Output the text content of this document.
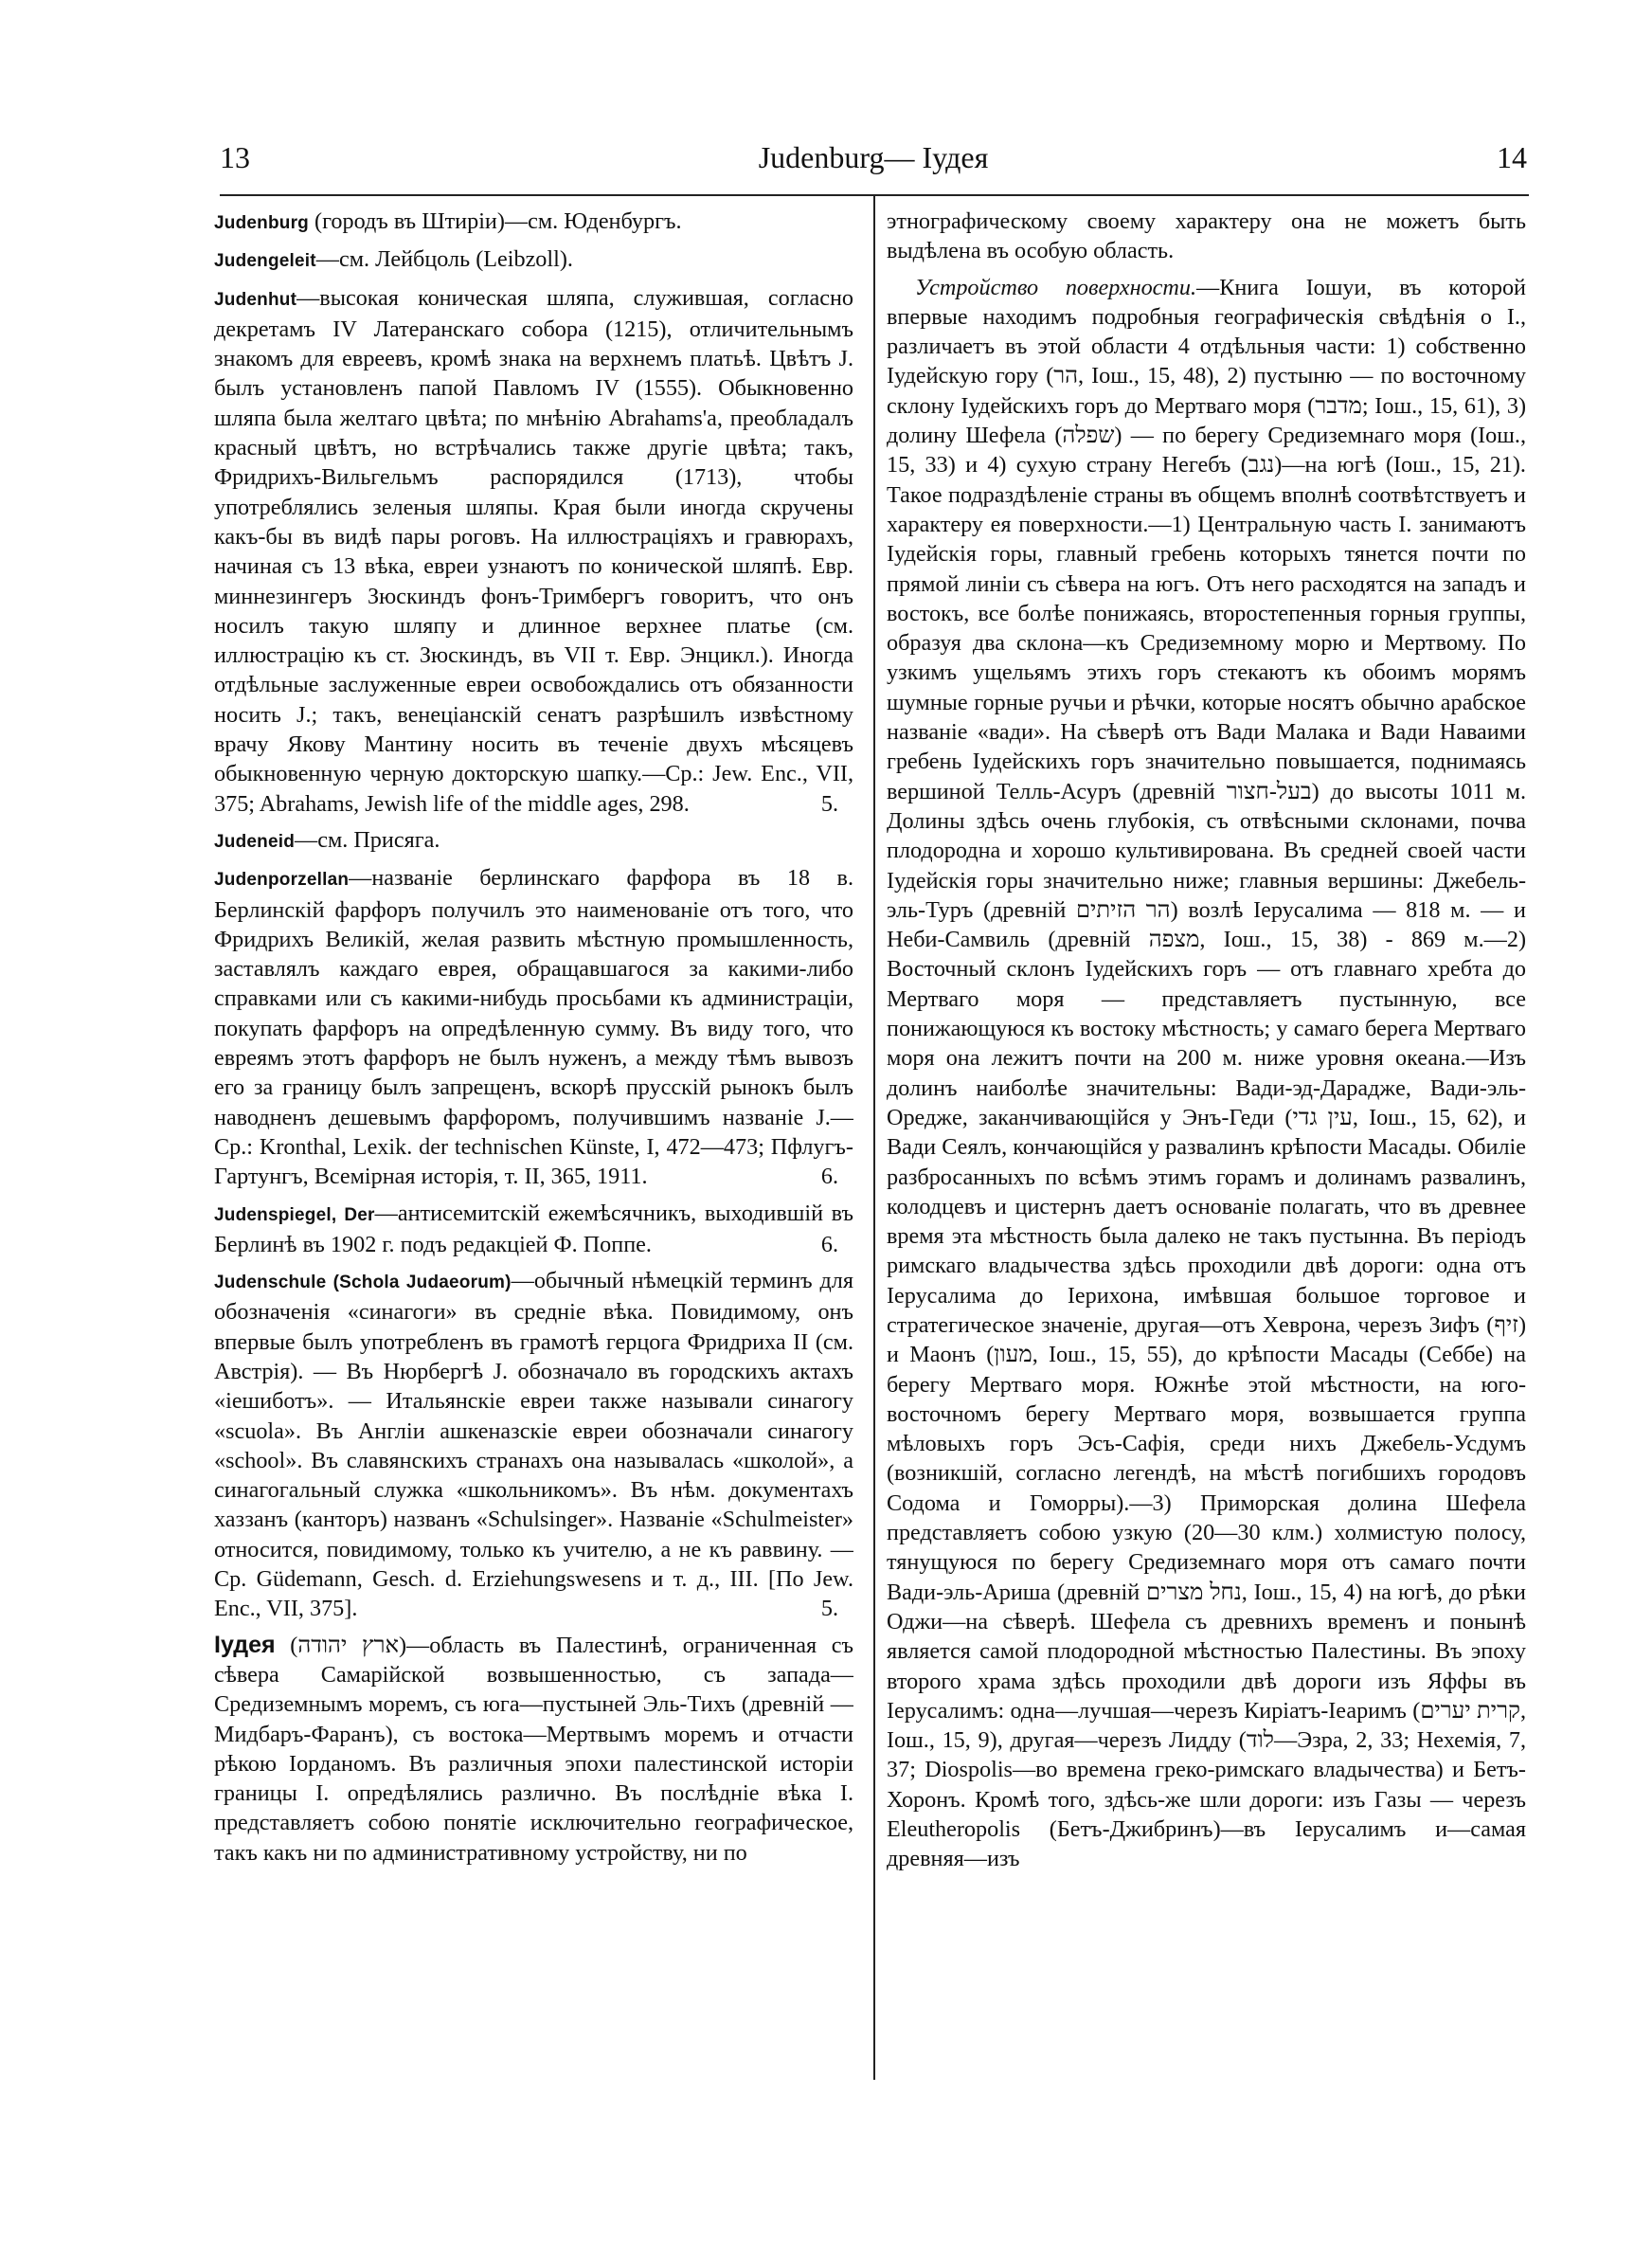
13	Judenburg— Іудея	14

Judenburg (городъ въ Штиріи)—см. Юденбургъ.

Judengeleit—см. Лейбцоль (Leibzoll).

Judenhut—высокая коническая шляпа, служившая, согласно декретамъ IV Латеранскаго собора (1215), отличительнымъ знакомъ для евреевъ, кромѣ знака на верхнемъ платьѣ. Цвѣтъ J. былъ установленъ папой Павломъ IV (1555). Обыкновенно шляпа была желтаго цвѣта; по мнѣнію Abrahams'а, преобладалъ красный цвѣтъ, но встрѣчались также другіе цвѣта; такъ, Фридрихъ-Вильгельмъ распорядился (1713), чтобы употреблялись зеленыя шляпы. Края были иногда скручены какъ-бы въ видѣ пары роговъ. На иллюстраціяхъ и гравюрахъ, начиная съ 13 вѣка, евреи узнаютъ по конической шляпѣ. Евр. миннезингеръ Зюскиндъ фонъ-Тримбергъ говоритъ, что онъ носилъ такую шляпу и длинное верхнее платье (см. иллюстрацію къ ст. Зюскиндъ, въ VII т. Евр. Энцикл.). Иногда отдѣльные заслуженные евреи освобождались отъ обязанности носить J.; такъ, венеціанскій сенатъ разрѣшилъ извѣстному врачу Якову Мантину носить въ теченіе двухъ мѣсяцевъ обыкновенную черную докторскую шапку.—Ср.: Jew. Enc., VII, 375; Abrahams, Jewish life of the middle ages, 298.	5.

Judeneid—см. Присяга.

Judenporzellan—названіе берлинскаго фарфора въ 18 в. Берлинскій фарфоръ получилъ это наименованіе отъ того, что Фридрихъ Великій, желая развить мѣстную промышленность, заставлялъ каждаго еврея, обращавшагося за какими-либо справками или съ какими-нибудь просьбами къ администраціи, покупать фарфоръ на опредѣленную сумму. Въ виду того, что евреямъ этотъ фарфоръ не былъ нуженъ, а между тѣмъ вывозъ его за границу былъ запрещенъ, вскорѣ прусскій рынокъ былъ наводненъ дешевымъ фарфоромъ, получившимъ названіе J.—Ср.: Kronthal, Lexik. der technischen Künste, I, 472—473; Пфлугъ-Гартунгъ, Всемірная исторія, т. II, 365, 1911.	6.

Judenspiegel, Der—антисемитскій ежемѣсячникъ, выходившій въ Берлинѣ въ 1902 г. подъ редакціей Ф. Поппе.	6.

Judenschule (Schola Judaeorum)—обычный нѣмецкій терминъ для обозначенія «синагоги» въ средніе вѣка. Повидимому, онъ впервые былъ употребленъ въ грамотѣ герцога Фридриха II (см. Австрія). — Въ Нюрбергѣ J. обозначало въ городскихъ актахъ «іешиботъ». — Итальянскіе евреи также называли синагогу «scuola». Въ Англіи ашкеназскіе евреи обозначали синагогу «school». Въ славянскихъ странахъ она называлась «школой», а синагогальный служка «школьникомъ». Въ нѣм. документахъ хаззанъ (канторъ) названъ «Schulsinger». Названіе «Schulmeister» относится, повидимому, только къ учителю, а не къ раввину. — Ср. Güdemann, Gesch. d. Erziehungswesens и т. д., III. [По Jew. Enc., VII, 375].	5.

Іудея (ארץ יהודה)—область въ Палестинѣ, ограниченная съ сѣвера Самарійской возвышенностью, съ запада—Средиземнымъ моремъ, съ юга—пустыней Эль-Тихъ (древній — Мидбаръ-Фаранъ), съ востока—Мертвымъ моремъ и отчасти рѣкою Іорданомъ. Въ различныя эпохи палестинской исторіи границы І. опредѣлялись различно. Въ послѣдніе вѣка І. представляетъ собою понятіе исключительно географическое, такъ какъ ни по административному устройству, ни по

этнографическому своему характеру она не можетъ быть выдѣлена въ особую область.

Устройство поверхности.—Книга Іошуи, въ которой впервые находимъ подробныя географическія свѣдѣнія о І., различаетъ въ этой области 4 отдѣльныя части: 1) собственно Іудейскую гору (הר, Іош., 15, 48), 2) пустыню — по восточному склону Іудейскихъ горъ до Мертваго моря (מדבר; Іош., 15, 61), 3) долину Шефела (שפלה) — по берегу Средиземнаго моря (Іош., 15, 33) и 4) сухую страну Негебъ (נגב)—на югѣ (Іош., 15, 21). Такое подраздѣленіе страны въ общемъ вполнѣ соотвѣтствуетъ и характеру ея поверхности.—1) Центральную часть І. занимаютъ Іудейскія горы, главный гребень которыхъ тянется почти по прямой линіи съ сѣвера на югъ. Отъ него расходятся на западъ и востокъ, все болѣе понижаясь, второстепенныя горныя группы, образуя два склона—къ Средиземному морю и Мертвому. По узкимъ ущельямъ этихъ горъ стекаютъ къ обоимъ морямъ шумные горные ручьи и рѣчки, которые носятъ обычно арабское названіе «вади». На сѣверѣ отъ Вади Малака и Вади Наваими гребень Іудейскихъ горъ значительно повышается, поднимаясь вершиной Телль-Асуръ (древній בעל-חצור) до высоты 1011 м. Долины здѣсь очень глубокія, съ отвѣсными склонами, почва плодородна и хорошо культивирована. Въ средней своей части Іудейскія горы значительно ниже; главныя вершины: Джебель-эль-Туръ (древній הר הזיתים) возлѣ Іерусалима — 818 м. — и Неби-Самвиль (древній מצפה, Іош., 15, 38) - 869 м.—2) Восточный склонъ Іудейскихъ горъ — отъ главнаго хребта до Мертваго моря — представляетъ пустынную, все понижающуюся къ востоку мѣстность; у самаго берега Мертваго моря она лежитъ почти на 200 м. ниже уровня океана.—Изъ долинъ наиболѣе значительны: Вади-эд-Дараджe, Вади-эль-Ореджe, заканчивающійся у Энъ-Геди (עין גדי, Іош., 15, 62), и Вади Сеялъ, кончающійся у развалинъ крѣпости Масады. Обиліе разбросанныхъ по всѣмъ этимъ горамъ и долинамъ развалинъ, колодцевъ и цистернъ даетъ основаніе полагать, что въ древнее время эта мѣстность была далеко не такъ пустынна. Въ періодъ римскаго владычества здѣсь проходили двѣ дороги: одна отъ Іерусалима до Іерихона, имѣвшая большое торговое и стратегическое значеніе, другая—отъ Хеврона, черезъ Зифъ (זיף) и Маонъ (מעון, Іош., 15, 55), до крѣпости Масады (Себбе) на берегу Мертваго моря. Южнѣе этой мѣстности, на юго-восточномъ берегу Мертваго моря, возвышается группа мѣловыхъ горъ Эсъ-Сафія, среди нихъ Джебель-Усдумъ (возникшій, согласно легендѣ, на мѣстѣ погибшихъ городовъ Содома и Гоморры).—3) Приморская долина Шефела представляетъ собою узкую (20—30 клм.) холмистую полосу, тянущуюся по берегу Средиземнаго моря отъ самаго почти Вади-эль-Ариша (древній נחל מצרים, Іош., 15, 4) на югѣ, до рѣки Оджи—на сѣверѣ. Шефела съ древнихъ временъ и понынѣ является самой плодородной мѣстностью Палестины. Въ эпоху второго храма здѣсь проходили двѣ дороги изъ Яффы въ Іерусалимъ: одна—лучшая—черезъ Киріатъ-Іеаримъ (קרית יערים, Іош., 15, 9), другая—черезъ Лидду (לוד—Эзра, 2, 33; Нехемія, 7, 37; Diospolis—во времена греко-римскаго владычества) и Бетъ-Хоронъ. Кромѣ того, здѣсь-же шли дороги: изъ Газы — черезъ Eleutheropolis (Бетъ-Джибринъ)—въ Іерусалимъ и—самая древняя—изъ
